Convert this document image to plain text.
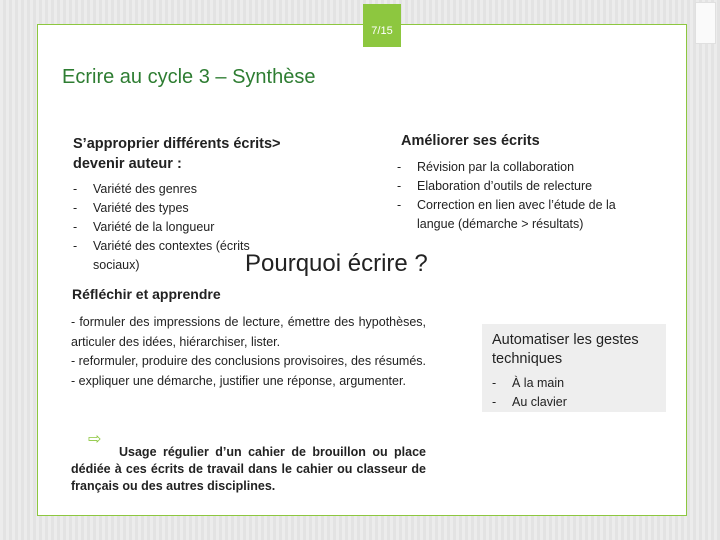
7/15
Ecrire au cycle 3 – Synthèse
S’approprier différents écrits>
devenir auteur :
- Variété des genres
- Variété des types
- Variété de la longueur
- Variété des contextes (écrits sociaux)
Améliorer ses écrits
- Révision par la collaboration
- Elaboration d’outils de relecture
- Correction en lien avec l’étude de la langue (démarche > résultats)
Pourquoi écrire ?
Réfléchir et apprendre

- formuler des impressions de lecture, émettre des hypothèses, articuler des idées, hiérarchiser, lister.

- reformuler, produire des conclusions provisoires, des résumés.

- expliquer une démarche, justifier une réponse, argumenter.

⇨
Usage régulier d’un cahier de brouillon ou place dédiée à ces écrits de travail dans le cahier ou classeur de français ou des autres disciplines.
Automatiser les gestes techniques
- À la main
- Au clavier
